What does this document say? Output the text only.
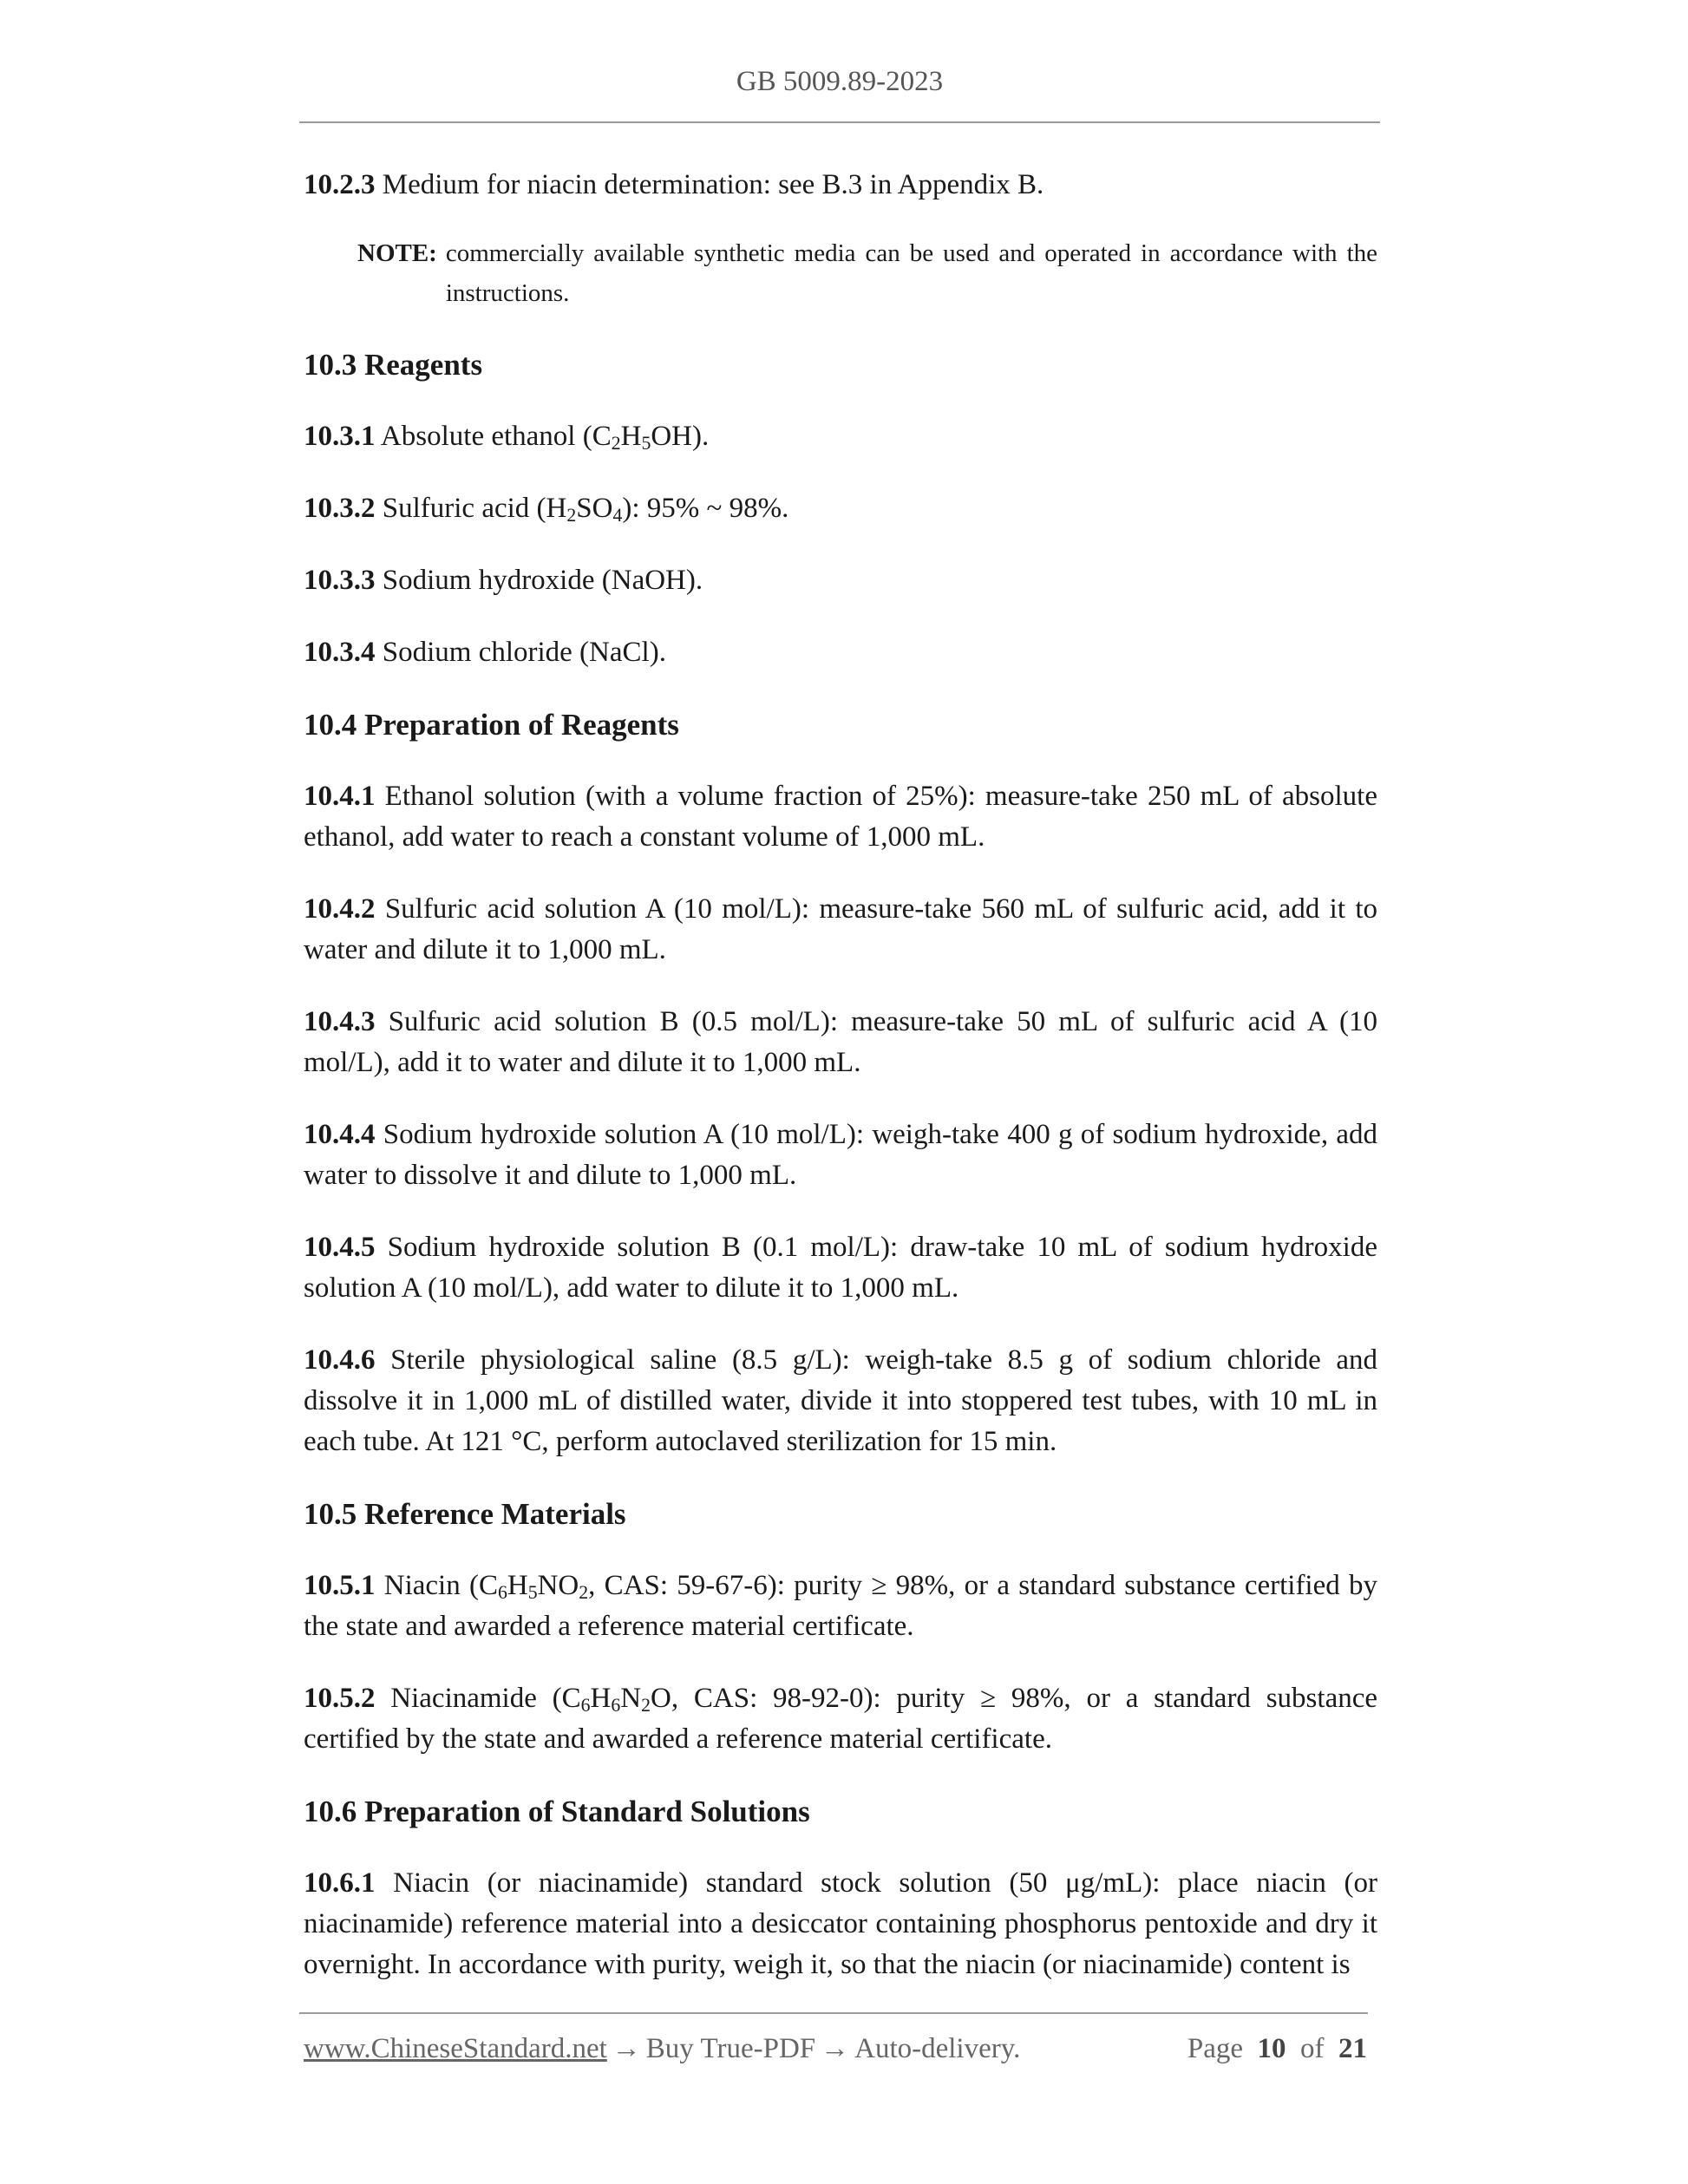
GB 5009.89-2023

10.2.3 Medium for niacin determination: see B.3 in Appendix B.

NOTE: commercially available synthetic media can be used and operated in accordance with the instructions.
10.3 Reagents

10.3.1 Absolute ethanol $(C_2H_5OH)$.

10.3.2 Sulfuric acid $(H_2SO_4)$: 95% ~ 98%.

10.3.3 Sodium hydroxide (NaOH).

10.3.4 Sodium chloride (NaCl).

10.4 Preparation of Reagents

10.4.1 Ethanol solution (with a volume fraction of 25%): measure-take 250 mL of absolute ethanol, add water to reach a constant volume of 1,000 mL.

10.4.2 Sulfuric acid solution A (10 mol/L): measure-take 560 mL of sulfuric acid, add it to water and dilute it to 1,000 mL.

10.4.3 Sulfuric acid solution B (0.5 mol/L): measure-take 50 mL of sulfuric acid A (10 mol/L), add it to water and dilute it to 1,000 mL.

10.4.4 Sodium hydroxide solution A (10 mol/L): weigh-take 400 g of sodium hydroxide, add water to dissolve it and dilute to 1,000 mL.

10.4.5 Sodium hydroxide solution B (0.1 mol/L): draw-take 10 mL of sodium hydroxide solution A (10 mol/L), add water to dilute it to 1,000 mL.

10.4.6 Sterile physiological saline (8.5 g/L): weigh-take 8.5 g of sodium chloride and dissolve it in 1,000 mL of distilled water, divide it into stoppered test tubes, with 10 mL in each tube. At 121 °C, perform autoclaved sterilization for 15 min.

10.5 Reference Materials

10.5.1 Niacin ($C_6H_5NO_2$, CAS: 59-67-6): purity ≥ 98%, or a standard substance certified by the state and awarded a reference material certificate.

10.5.2 Niacinamide ($C_6H_6N_2O$, CAS: 98-92-0): purity ≥ 98%, or a standard substance certified by the state and awarded a reference material certificate.

10.6 Preparation of Standard Solutions

10.6.1 Niacin (or niacinamide) standard stock solution (50 μg/mL): place niacin (or niacinamide) reference material into a desiccator containing phosphorus pentoxide and dry it overnight. In accordance with purity, weigh it, so that the niacin (or niacinamide) content is

www.ChineseStandard.net → Buy True-PDF → Auto-delivery.	Page 10 of 21
